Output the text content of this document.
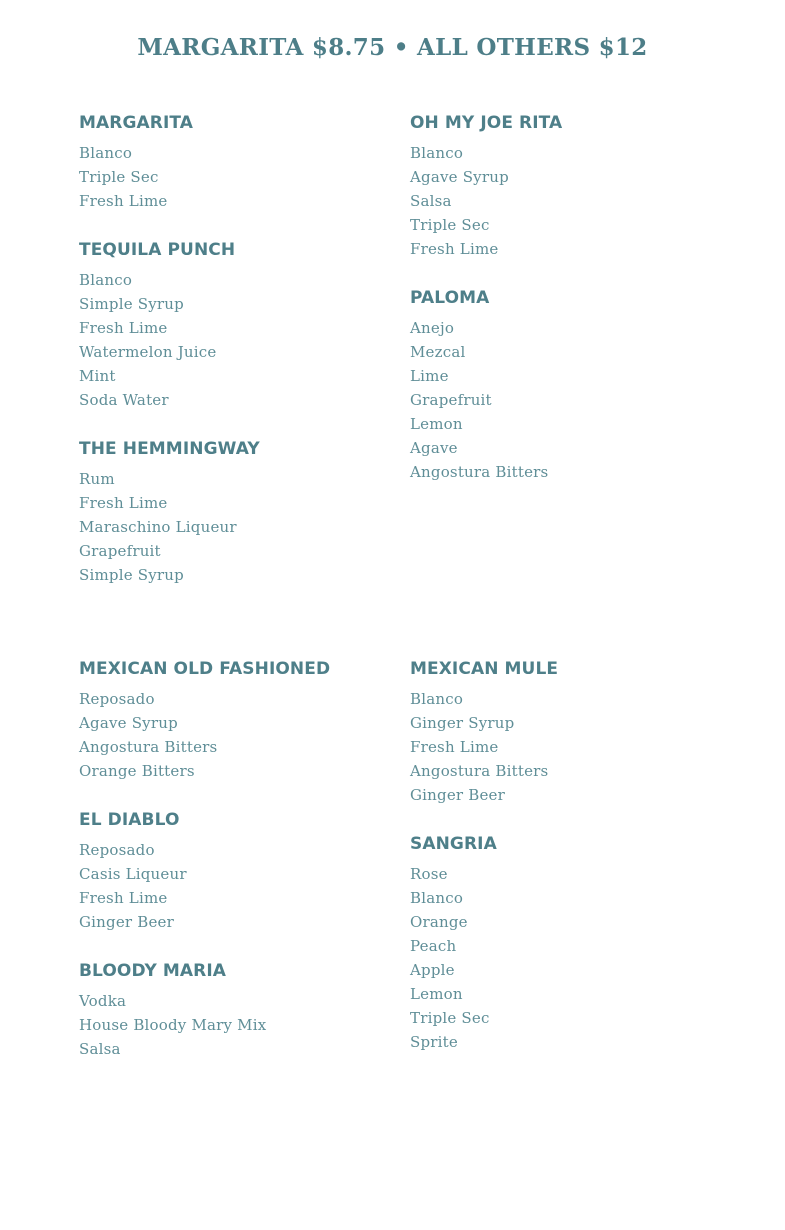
MARGARITA $8.75 • ALL OTHERS $12
MARGARITA
Blanco
Triple Sec
Fresh Lime
TEQUILA PUNCH
Blanco
Simple Syrup
Fresh Lime
Watermelon Juice
Mint
Soda Water
THE HEMMINGWAY
Rum
Fresh Lime
Maraschino Liqueur
Grapefruit
Simple Syrup
OH MY JOE RITA
Blanco
Agave Syrup
Salsa
Triple Sec
Fresh Lime
PALOMA
Anejo
Mezcal
Lime
Grapefruit
Lemon
Agave
Angostura Bitters
MEXICAN OLD FASHIONED
Reposado
Agave Syrup
Angostura Bitters
Orange Bitters
EL DIABLO
Reposado
Casis Liqueur
Fresh Lime
Ginger Beer
BLOODY MARIA
Vodka
House Bloody Mary Mix
Salsa
MEXICAN MULE
Blanco
Ginger Syrup
Fresh Lime
Angostura Bitters
Ginger Beer
SANGRIA
Rose
Blanco
Orange
Peach
Apple
Lemon
Triple Sec
Sprite
